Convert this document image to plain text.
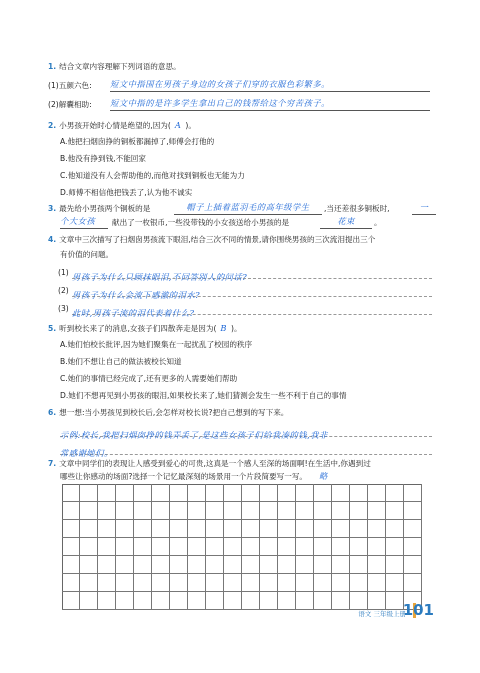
1. 结合文章内容理解下列词语的意思。
(1)五颜六色: 短文中指围在男孩子身边的女孩子们穿的衣服色彩繁多。
(2)解囊相助: 短文中指的是许多学生拿出自己的钱帮给这个穷苦孩子。
2. 小男孩开始时心情是绝望的,因为( A )。
A.他把扫烟囱挣的铜板都漏掉了,师傅会打他的
B.他没有挣到钱,不能回家
C.他知道没有人会帮助他的,而他对找到铜板也无能为力
D.师傅不相信他把钱丢了,认为他不诚实
3. 最先给小男孩两个铜板的是	帽子上插着蓝羽毛的高年级学生	,当还差很多铜板时,	一
个大女孩	献出了一枚银币,一些没带钱的小女孩送给小男孩的是	花束	。
4. 文章中三次描写了扫烟囱男孩流下眼泪,结合三次不同的情景,请你围绕男孩的三次流泪提出三个
有价值的问题。
(1) 男孩子为什么只顾抹眼泪,不回答别人的问话?
(2) 男孩子为什么会流下感激的泪水?
(3) 此时,男孩子流的泪代表着什么?
5. 听到校长来了的消息,女孩子们四散奔走是因为( B )。
A.她们怕校长批评,因为她们聚集在一起扰乱了校园的秩序
B.她们不想让自己的做法被校长知道
C.她们的事情已经完成了,还有更多的人需要她们帮助
D.她们不想再见到小男孩的眼泪,如果校长来了,她们猜测会发生一些不利于自己的事情
6. 想一想:当小男孩见到校长后,会怎样对校长说?把自己想到的写下来。
示例:校长,我把扫烟囱挣的钱弄丢了,是这些女孩子们给我凑的钱,我非
常感谢她们。
7. 文章中同学们的表现让人感受到爱心的可贵,这真是一个感人至深的场面啊!在生活中,你遇到过
哪些让你感动的场面?选择一个记忆最深刻的场景用一个片段简要写一写。 略
语文 三年级上册
101
